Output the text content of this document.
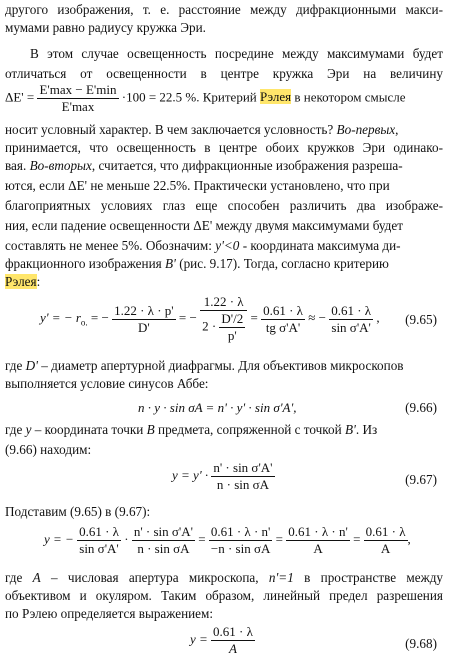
другого изображения, т. е. расстояние между дифракционными макси-
мумами равно радиусу кружка Эри.
В этом случае освещенность посредине между максимумами будет
отличаться от освещенности в центре кружка Эри на величину
$\Delta E' = \frac{E'\max - E'\min}{E'\max} \cdot 100 = 22.5$ %. Критерий Рэлея в некотором смысле
носит условный характер. В чем заключается условность? Во-первых,
принимается, что освещенность в центре обоих кружков Эри одинако-
вая. Во-вторых, считается, что дифракционные изображения разреша-
ются, если ΔE' не меньше 22.5%. Практически установлено, что при
благоприятных условиях глаз еще способен различить два изображе-
ния, если падение освещенности ΔE' между двумя максимумами будет
составлять не менее 5%. Обозначим: y'<0 - координата максимума ди-
фракционного изображения B' (рис. 9.17). Тогда, согласно критерию
Рэлея:
y' = − $r_{o.}$ = − $\frac{1.22 \cdot \lambda \cdot p'}{D'}$ = − $\frac{1.22 \cdot \lambda}{2 \cdot \frac{D'/2}{p'}} = \frac{0.61 \cdot \lambda}{\text{tg σ'A'}}$ ≈ − $\frac{0.61 \cdot \lambda}{\text{sin σ'A'}}$ , (9.65)
где D' – диаметр апертурной диафрагмы. Для объективов микроскопов
выполняется условие синусов Аббе:
n · y · sin σA = n' · y' · sin σ'A',	(9.66)
где y – координата точки B предмета, сопряженной с точкой B'. Из
(9.66) находим:
$y = y' \cdot \frac{\text{n' · sin σ'A'}}{\text{n · sin σA}}$	(9.67)
Подставим (9.65) в (9.67):
y = − $\frac{0.61 \cdot \lambda}{\text{sin σ'A'}} \cdot \frac{\text{n' · sin σ'A'}}{\text{n · sin σA}} = \frac{0.61 \cdot \lambda \cdot n'}{\text{−n · sin σA}} = \frac{0.61 \cdot \lambda \cdot n'}{A} = \frac{0.61 \cdot \lambda}{A}$ ,
где A – числовая апертура микроскопа, n'=1 в пространстве между
объективом и окуляром. Таким образом, линейный предел разрешения
по Рэлею определяется выражением:
$y = \frac{0.61 \cdot \lambda}{A}$	(9.68)
